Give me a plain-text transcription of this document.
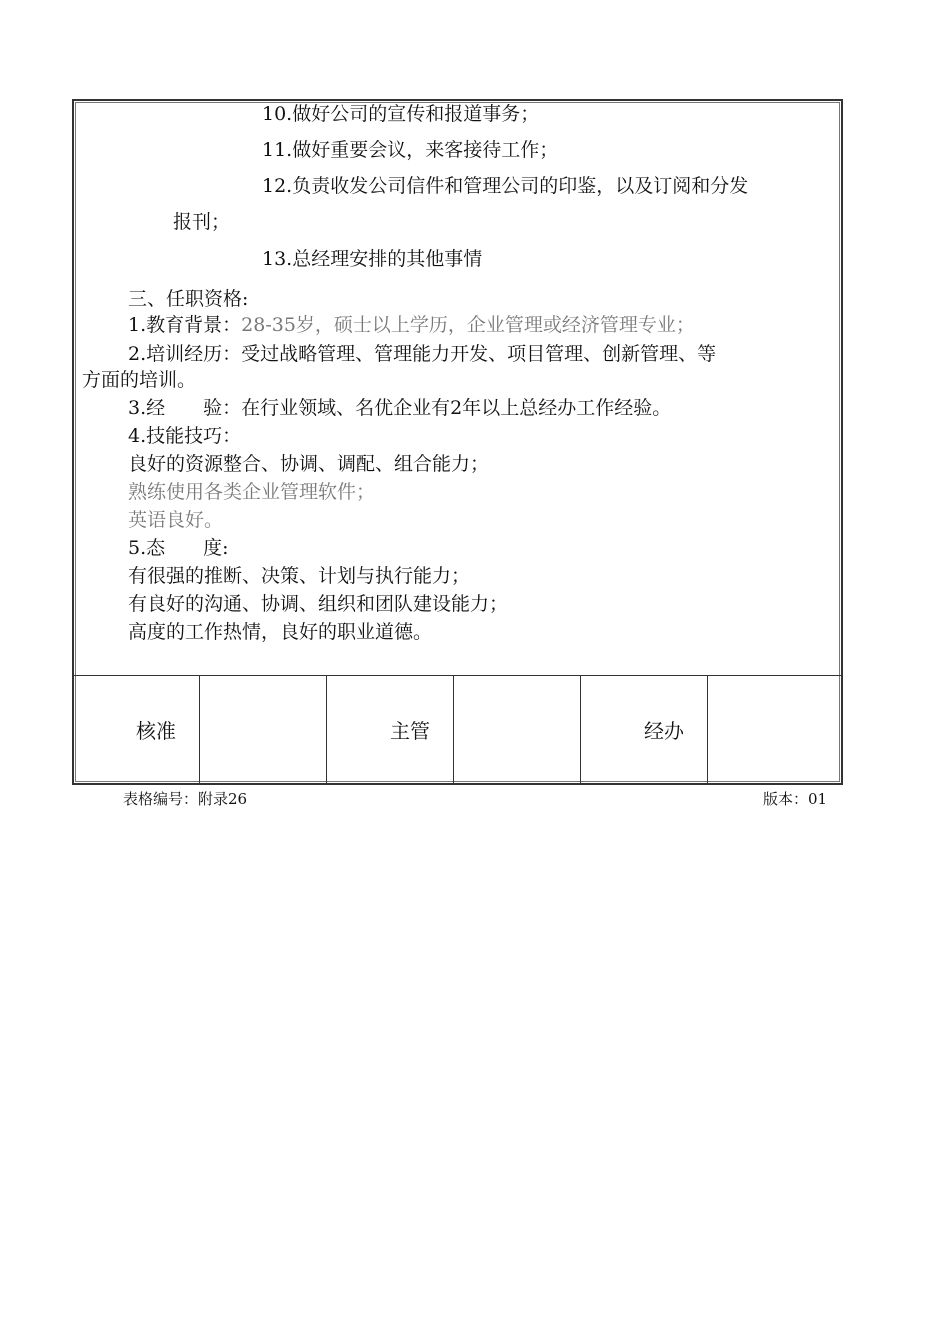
10.做好公司的宣传和报道事务；
11.做好重要会议，来客接待工作；
12.负责收发公司信件和管理公司的印鉴，以及订阅和分发
报刊；
13.总经理安排的其他事情
三、任职资格:
1.教育背景：28-35岁，硕士以上学历，企业管理或经济管理专业；
2.培训经历：受过战略管理、管理能力开发、项目管理、创新管理、等
方面的培训。
3.经　　验：在行业领域、名优企业有2年以上总经办工作经验。
4.技能技巧：
良好的资源整合、协调、调配、组合能力；
熟练使用各类企业管理软件；
英语良好。
5.态　　度:
有很强的推断、决策、计划与执行能力；
有良好的沟通、协调、组织和团队建设能力；
高度的工作热情，良好的职业道德。
核准	主管	经办
表格编号：附录26	版本：01
